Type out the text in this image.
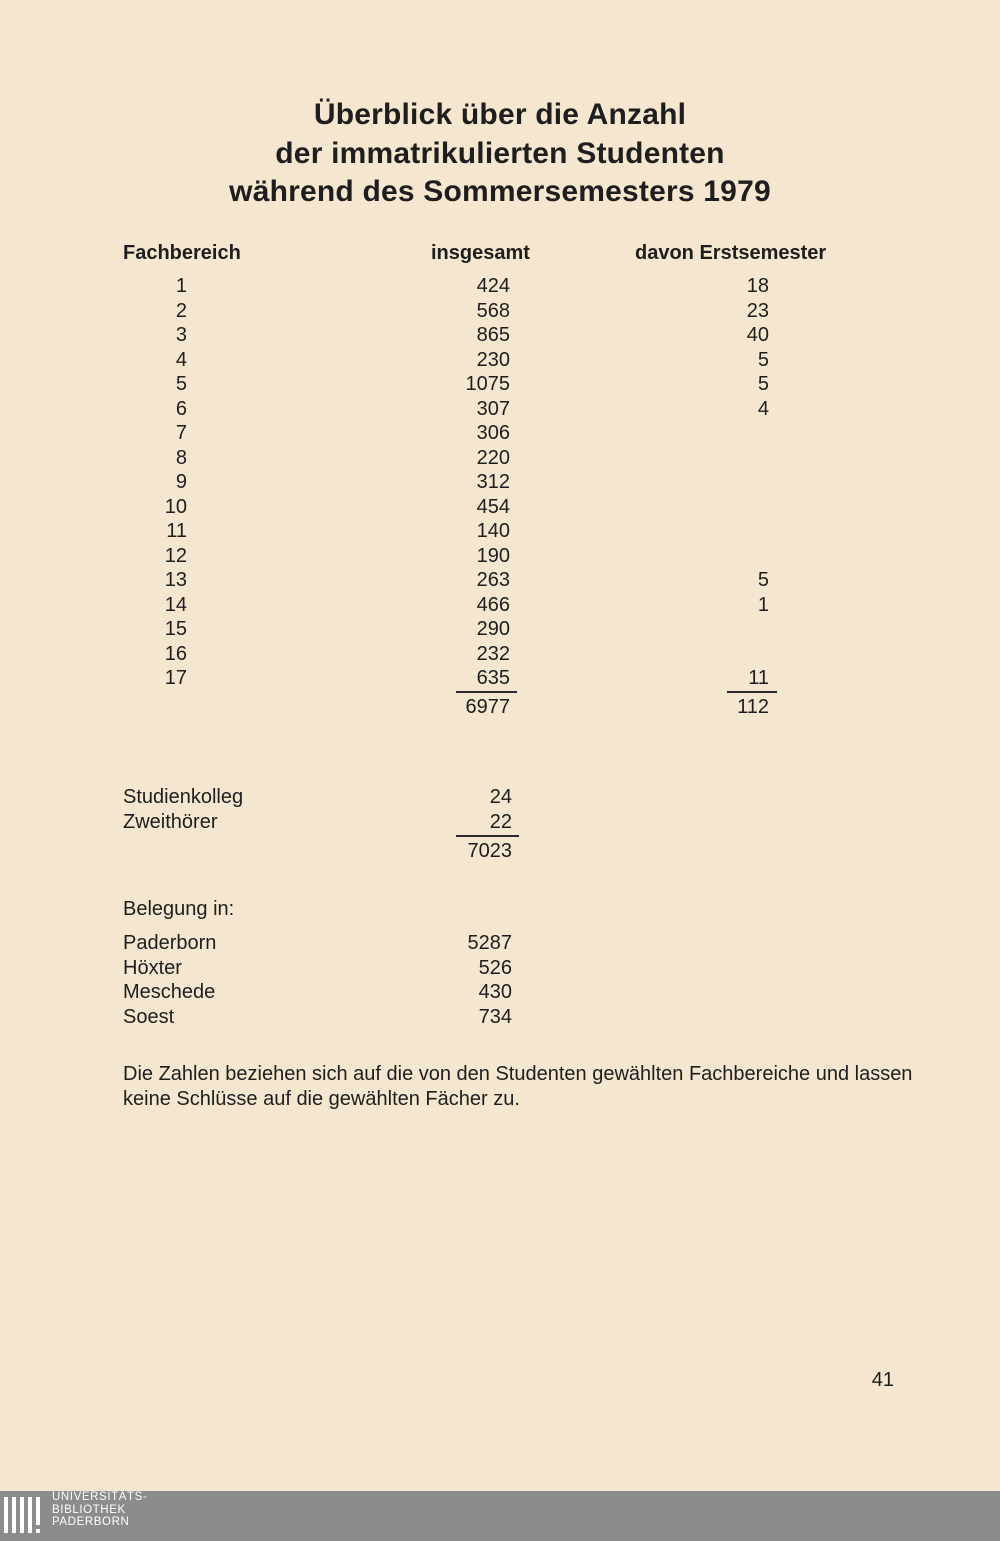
Überblick über die Anzahl
der immatrikulierten Studenten
während des Sommersemesters 1979
Fachbereich	insgesamt	davon Erstsemester
1	424	18
2	568	23
3	865	40
4	230	5
5	1075	5
6	307	4
7	306
8	220
9	312
10	454
11	140
12	190
13	263	5
14	466	1
15	290
16	232
17	635	11
6977	112
Studienkolleg	24
Zweithörer	22
7023
Belegung in:
Paderborn	5287
Höxter	526
Meschede	430
Soest	734
Die Zahlen beziehen sich auf die von den Studenten gewählten Fachbereiche und lassen keine Schlüsse auf die gewählten Fächer zu.
41
UNIVERSITÄTS-
BIBLIOTHEK
PADERBORN
